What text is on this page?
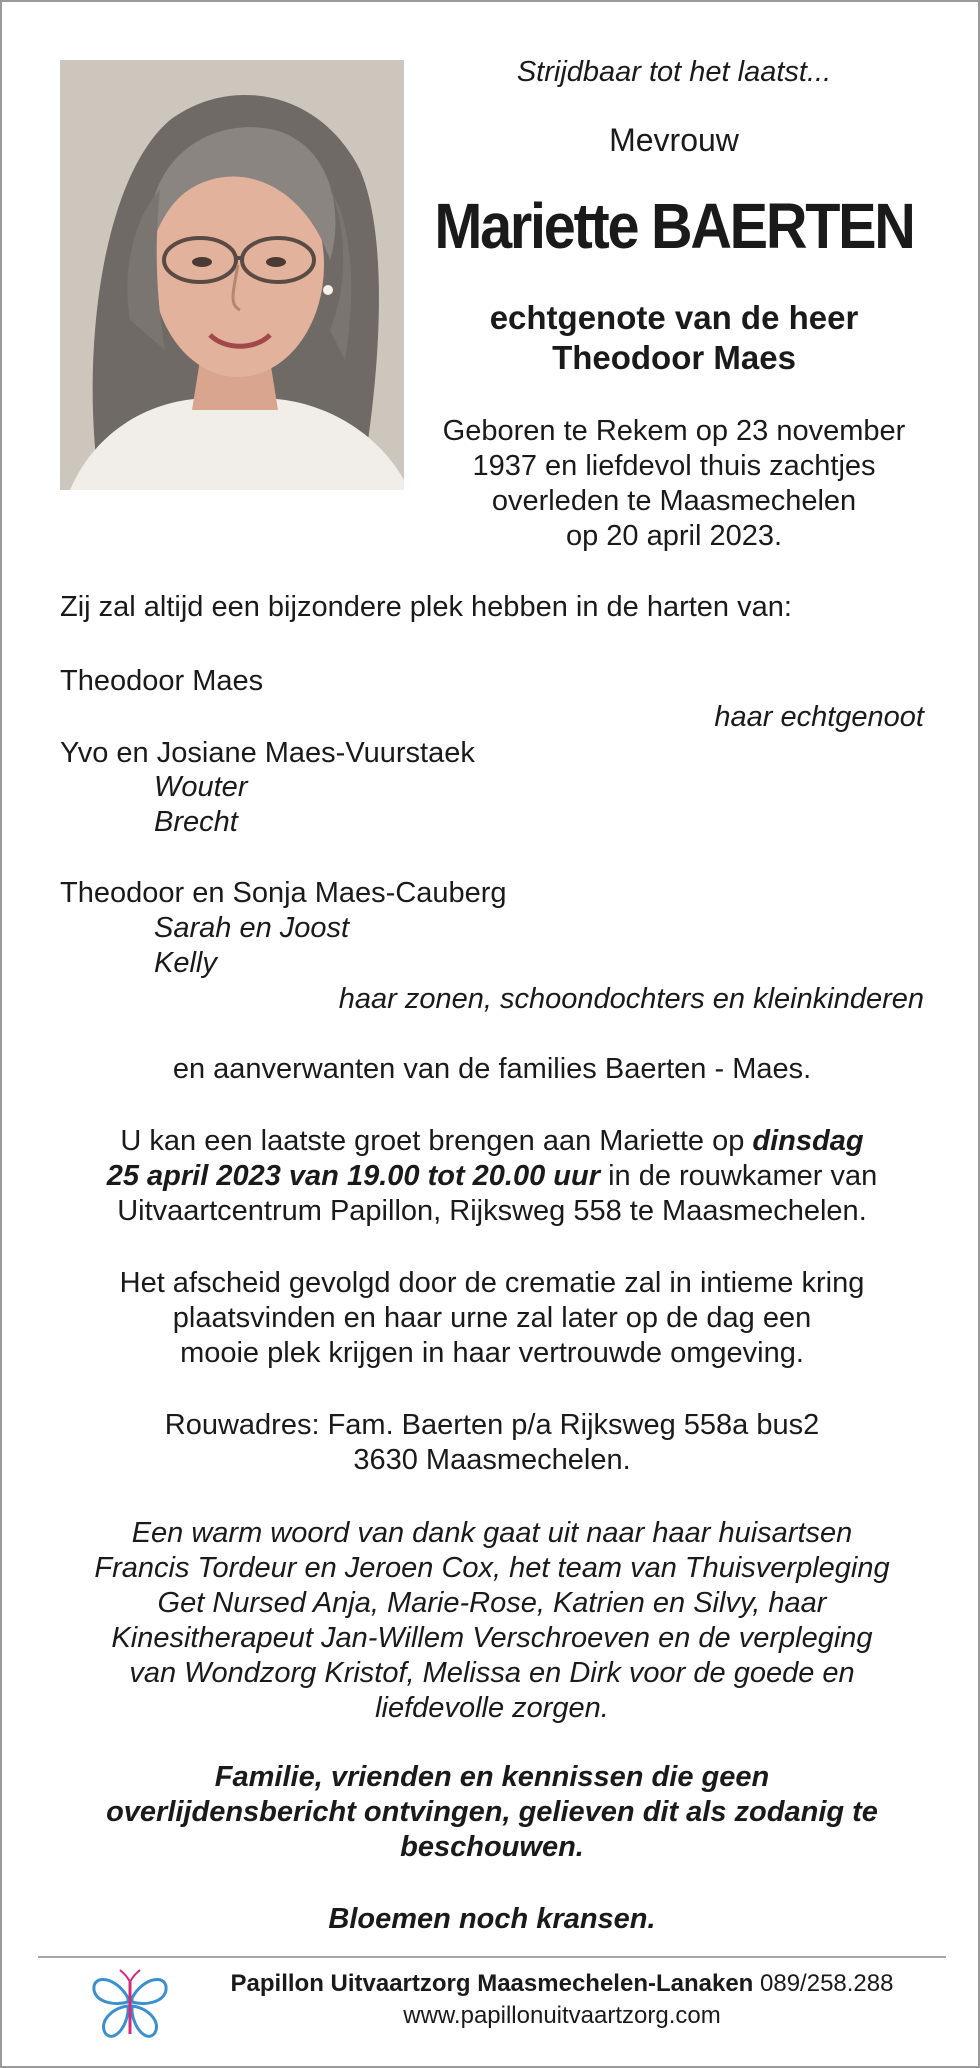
Strijdbaar tot het laatst...
Mevrouw
Mariette BAERTEN
echtgenote van de heer
Theodoor Maes
Geboren te Rekem op 23 november
1937 en liefdevol thuis zachtjes
overleden te Maasmechelen
op 20 april 2023.
Zij zal altijd een bijzondere plek hebben in de harten van:
Theodoor Maes
haar echtgenoot
Yvo en Josiane Maes-Vuurstaek
Wouter
Brecht
Theodoor en Sonja Maes-Cauberg
Sarah en Joost
Kelly
haar zonen, schoondochters en kleinkinderen
en aanverwanten van de families Baerten - Maes.
U kan een laatste groet brengen aan Mariette op dinsdag
25 april 2023 van 19.00 tot 20.00 uur in de rouwkamer van
Uitvaartcentrum Papillon, Rijksweg 558 te Maasmechelen.
Het afscheid gevolgd door de crematie zal in intieme kring
plaatsvinden en haar urne zal later op de dag een
mooie plek krijgen in haar vertrouwde omgeving.
Rouwadres: Fam. Baerten p/a Rijksweg 558a bus2
3630 Maasmechelen.
Een warm woord van dank gaat uit naar haar huisartsen
Francis Tordeur en Jeroen Cox, het team van Thuisverpleging
Get Nursed Anja, Marie-Rose, Katrien en Silvy, haar
Kinesitherapeut Jan-Willem Verschroeven en de verpleging
van Wondzorg Kristof, Melissa en Dirk voor de goede en
liefdevolle zorgen.
Familie, vrienden en kennissen die geen
overlijdensbericht ontvingen, gelieven dit als zodanig te
beschouwen.
Bloemen noch kransen.
Papillon Uitvaartzorg Maasmechelen-Lanaken 089/258.288
www.papillonuitvaartzorg.com
